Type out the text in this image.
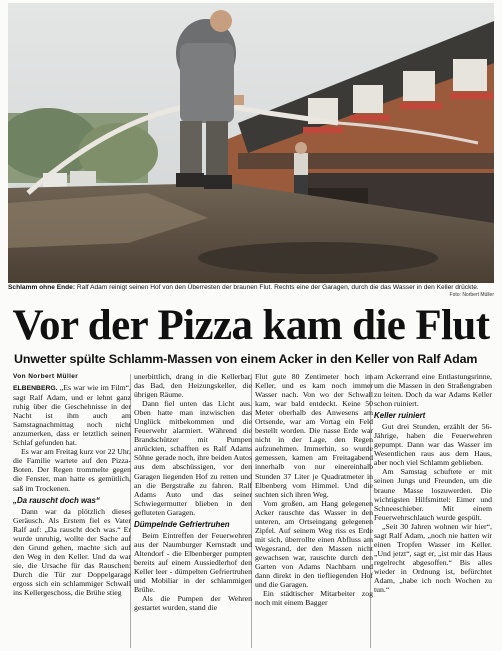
Schlamm ohne Ende: Ralf Adam reinigt seinen Hof von den Überresten der braunen Flut. Rechts eine der Garagen, durch die das Wasser in den Keller drückte.
Foto: Norbert Müller
Vor der Pizza kam die Flut
Unwetter spülte Schlamm-Massen von einem Acker in den Keller von Ralf Adam
Von Norbert Müller

ELBENBERG. „Es war wie im Film“, sagt Ralf Adam, und er lehnt ganz ruhig über die Geschehnisse in der Nacht ist ihm auch am Samstagnachmittag noch nicht anzumerken, dass er letztlich seinen Schlaf gefunden hat.

Es war am Freitag kurz vor 22 Uhr, die Familie wartete auf den Pizza-Boten. Der Regen trommelte gegen die Fenster, man hatte es gemütlich, saß im Trockenen.

„Da rauscht doch was“

Dann war da plötzlich dieses Geräusch. Als Erstem fiel es Vater Ralf auf: „Da rauscht doch was.“ Er wurde unruhig, wollte der Sache auf den Grund gehen, machte sich auf den Weg in den Keller. Und da war sie, die Ursache für das Rauschen: Durch die Tür zur Doppelgarage ergoss sich ein schlammiger Schwall ins Kellergeschoss, die Brühe stieg

unerbittlich, drang in die Kellerbar, das Bad, den Heizungskeller, die übrigen Räume.

Dann fiel unten das Licht aus. Oben hatte man inzwischen das Unglück mitbekommen und die Feuerwehr alarmiert. Während die Brandschützer mit Pumpen anrückten, schafften es Ralf Adams Söhne gerade noch, ihre beiden Autos aus dem abschüssigen, vor den Garagen liegenden Hof zu retten und an die Bergstraße zu fahren. Ralf Adams Auto und das seiner Schwiegermutter blieben in den gefluteten Garagen.

Dümpelnde Gefriertruhen

Beim Eintreffen der Feuerwehren aus der Naumburger Kernstadt und Altendorf - die Elbenberger pumpten bereits auf einem Aussiedlerhof den Keller leer - dümpelten Gefriertruhen und Mobiliar in der schlammigen Brühe.

Als die Pumpen der Wehren gestartet wurden, stand die

Flut gute 80 Zentimeter hoch im Keller, und es kam noch immer Wasser nach. Von wo der Schwall kam, war bald entdeckt. Keine 50 Meter oberhalb des Anwesens am Ortsende, war am Vortag ein Feld bestellt worden. Die nasse Erde war nicht in der Lage, den Regen aufzunehmen. Immerhin, so wurde gemessen, kamen am Freitagabend innerhalb von nur einereinhalb Stunden 37 Liter je Quadratmeter in Elbenberg vom Himmel. Und die suchten sich ihren Weg.

Vom großen, am Hang gelegenen Acker rauschte das Wasser in den unteren, am Ortseingang gelegenen Zipfel. Auf seinem Weg riss es Erde mit sich, überrollte einen Abfluss am Wegesrand, der den Massen nicht gewachsen war, rauschte durch den Garten von Adams Nachbarn und dann direkt in den tiefliegenden Hof und die Garagen.

Ein städtischer Mitarbeiter zog noch mit einem Bagger

am Ackerrand eine Entlastungsrinne, um die Massen in den Straßengraben zu leiten. Doch da war Adams Keller schon ruiniert.

Keller ruiniert

Gut drei Stunden, erzählt der 56-Jährige, haben die Feuerwehren gepumpt. Dann war das Wasser im Wesentlichen raus aus dem Haus, aber noch viel Schlamm geblieben.

Am Samstag schuftete er mit seinen Jungs und Freunden, um die braune Masse loszuwerden. Die wichtigsten Hilfsmittel: Eimer und Schneeschieber. Mit einem Feuerwehrschlauch wurde gespült.

„Seit 30 Jahren wohnen wir hier“, sagt Ralf Adam, „noch nie hatten wir einen Tropfen Wasser im Keller. „Und jetzt“, sagt er, „ist mir das Haus regelrecht abgesoffen.“ Bis alles wieder in Ordnung ist, befürchtet Adam, „habe ich noch Wochen zu tun.“
